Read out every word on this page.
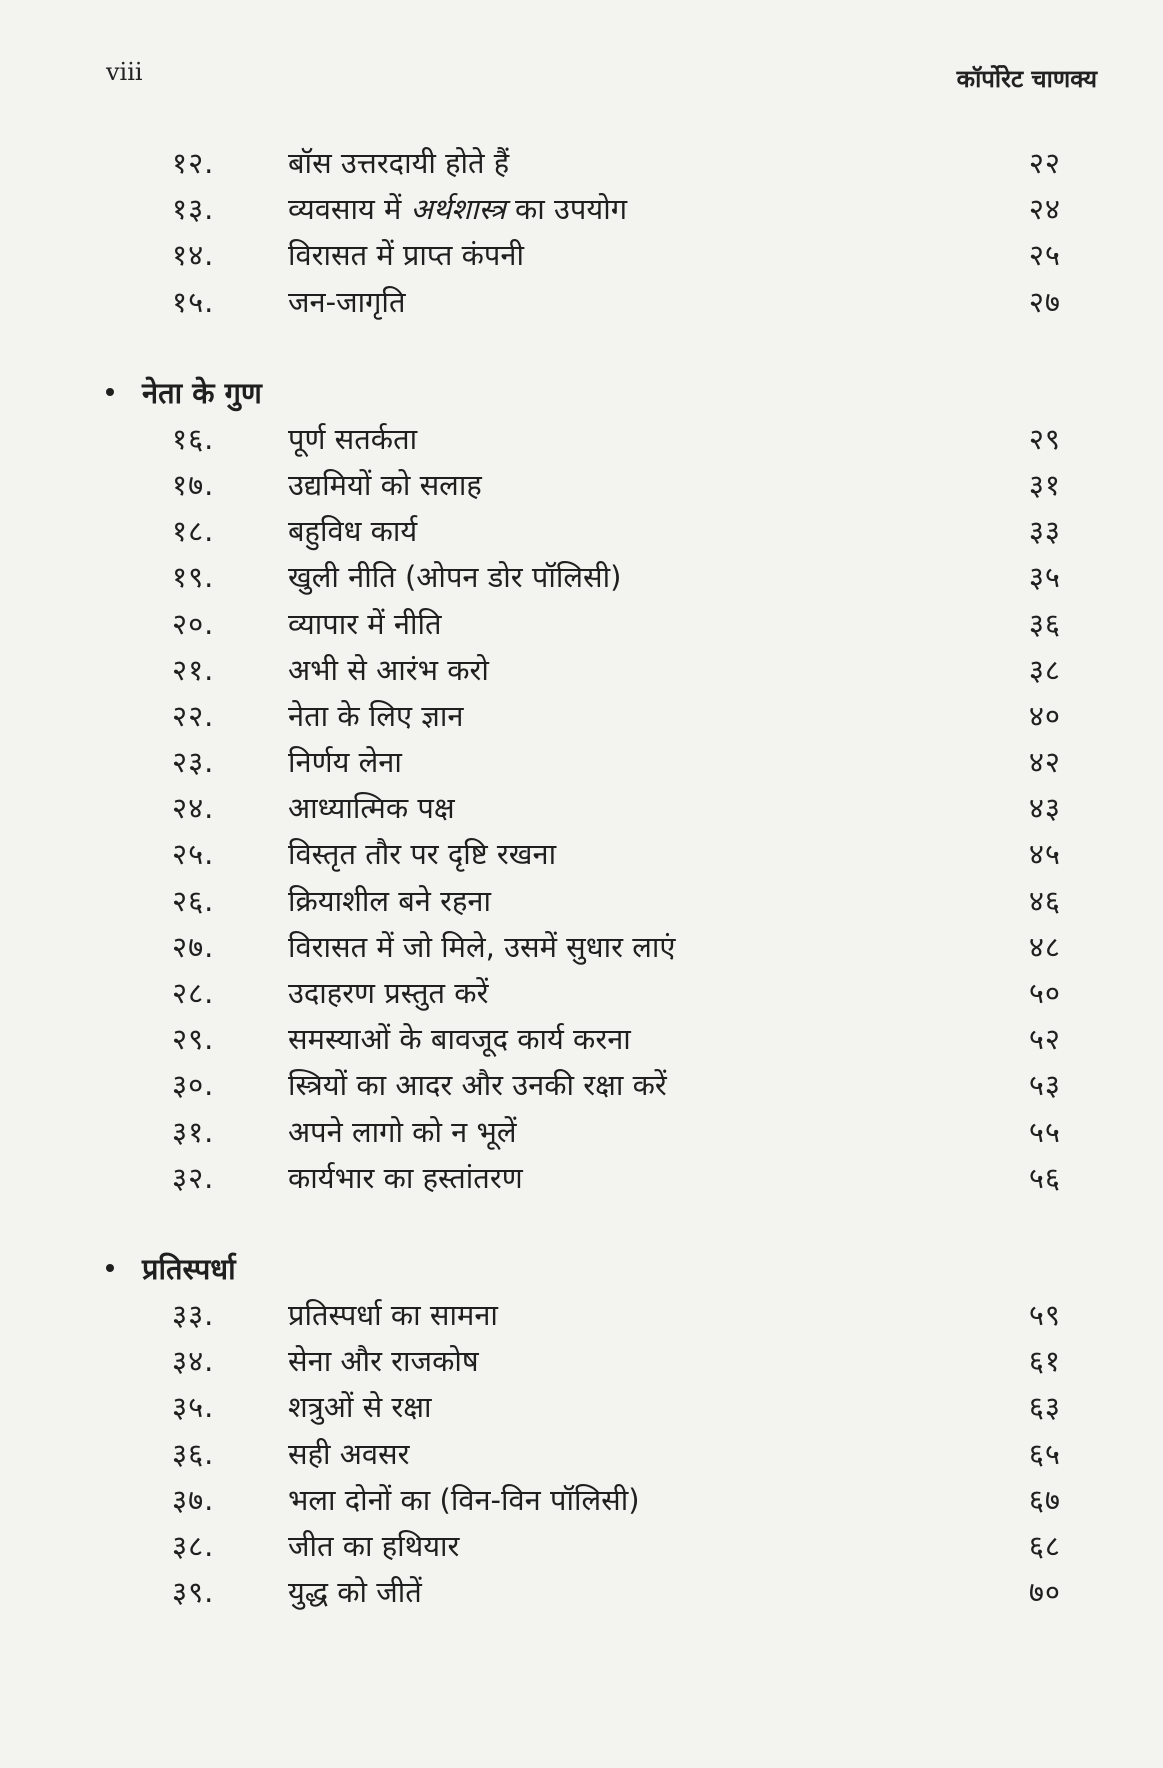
viii	कॉर्पोरेट चाणक्य
१२.	बॉस उत्तरदायी होते हैं	२२
१३.	व्यवसाय में अर्थशास्त्र का उपयोग	२४
१४.	विरासत में प्राप्त कंपनी	२५
१५.	जन-जागृति	२७
नेता के गुण
१६.	पूर्ण सतर्कता	२९
१७.	उद्यमियों को सलाह	३१
१८.	बहुविध कार्य	३३
१९.	खुली नीति (ओपन डोर पॉलिसी)	३५
२०.	व्यापार में नीति	३६
२१.	अभी से आरंभ करो	३८
२२.	नेता के लिए ज्ञान	४०
२३.	निर्णय लेना	४२
२४.	आध्यात्मिक पक्ष	४३
२५.	विस्तृत तौर पर दृष्टि रखना	४५
२६.	क्रियाशील बने रहना	४६
२७.	विरासत में जो मिले, उसमें सुधार लाएं	४८
२८.	उदाहरण प्रस्तुत करें	५०
२९.	समस्याओं के बावजूद कार्य करना	५२
३०.	स्त्रियों का आदर और उनकी रक्षा करें	५३
३१.	अपने लागो को न भूलें	५५
३२.	कार्यभार का हस्तांतरण	५६
प्रतिस्पर्धा
३३.	प्रतिस्पर्धा का सामना	५९
३४.	सेना और राजकोष	६१
३५.	शत्रुओं से रक्षा	६३
३६.	सही अवसर	६५
३७.	भला दोनों का (विन-विन पॉलिसी)	६७
३८.	जीत का हथियार	६८
३९.	युद्ध को जीतें	७०
